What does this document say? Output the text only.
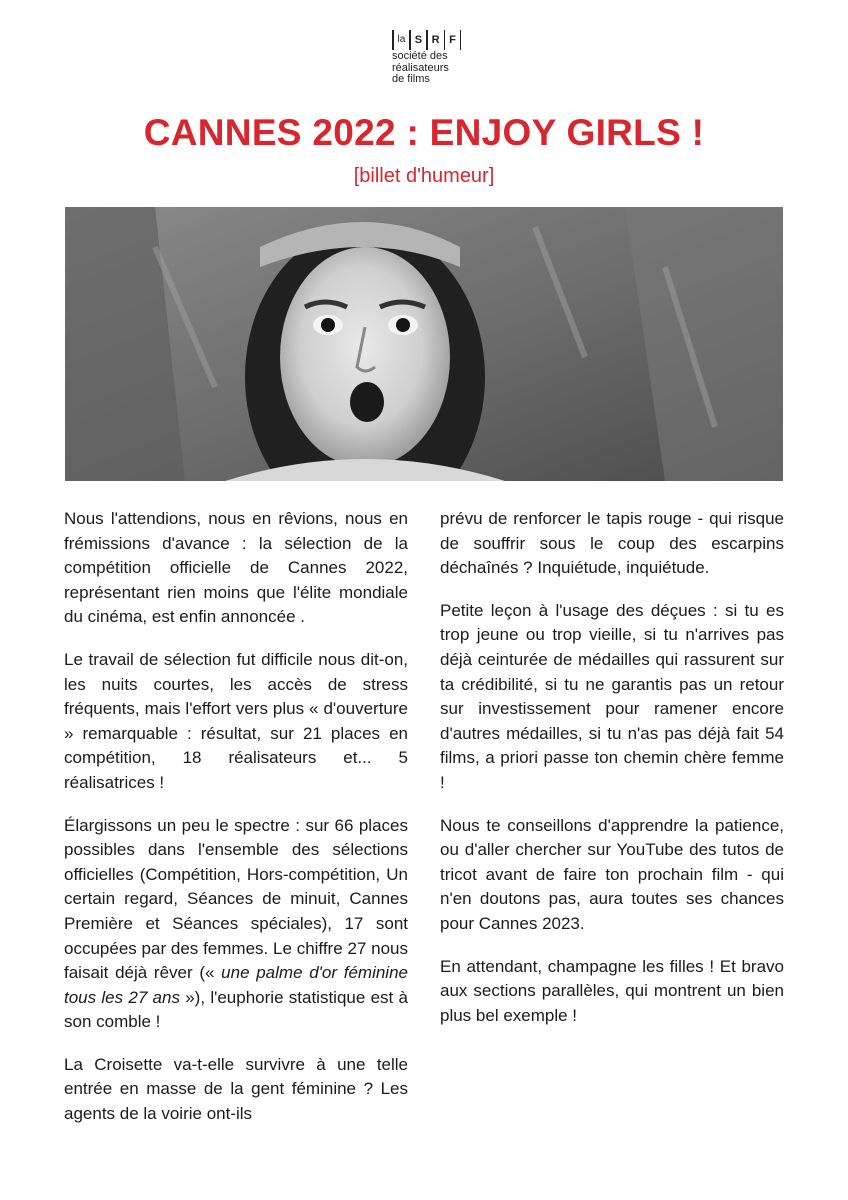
la S R F
société des
réalisateurs
de films
CANNES 2022 : ENJOY GIRLS !
[billet d'humeur]

Nous l'attendions, nous en rêvions, nous en frémissions d'avance : la sélection de la compétition officielle de Cannes 2022, représentant rien moins que l'élite mondiale du cinéma, est enfin annoncée .

Le travail de sélection fut difficile nous dit-on, les nuits courtes, les accès de stress fréquents, mais l'effort vers plus « d'ouverture » remarquable : résultat, sur 21 places en compétition, 18 réalisateurs et... 5 réalisatrices !

Élargissons un peu le spectre : sur 66 places possibles dans l'ensemble des sélections officielles (Compétition, Hors-compétition, Un certain regard, Séances de minuit, Cannes Première et Séances spéciales), 17 sont occupées par des femmes. Le chiffre 27 nous faisait déjà rêver (« une palme d'or féminine tous les 27 ans »), l'euphorie statistique est à son comble !

La Croisette va-t-elle survivre à une telle entrée en masse de la gent féminine ? Les agents de la voirie ont-ils

prévu de renforcer le tapis rouge - qui risque de souffrir sous le coup des escarpins déchaînés ? Inquiétude, inquiétude.

Petite leçon à l'usage des déçues : si tu es trop jeune ou trop vieille, si tu n'arrives pas déjà ceinturée de médailles qui rassurent sur ta crédibilité, si tu ne garantis pas un retour sur investissement pour ramener encore d'autres médailles, si tu n'as pas déjà fait 54 films, a priori passe ton chemin chère femme !

Nous te conseillons d'apprendre la patience, ou d'aller chercher sur YouTube des tutos de tricot avant de faire ton prochain film - qui n'en doutons pas, aura toutes ses chances pour Cannes 2023.

En attendant, champagne les filles ! Et bravo aux sections parallèles, qui montrent un bien plus bel exemple !
